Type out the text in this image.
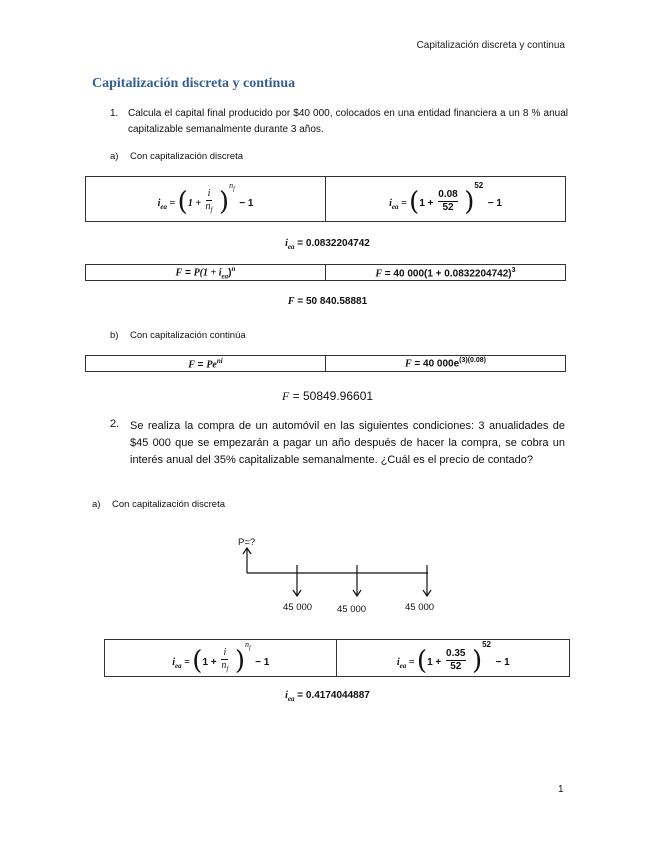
Capitalización discreta y continua
Capitalización discreta y continua
1. Calcula el capital final producido por $40 000, colocados en una entidad financiera a un 8 % anual capitalizable semanalmente durante 3 años.
a) Con capitalización discreta
$i_{ea} = (1 + \frac{i}{n_f} )^{n_f} - 1$	$i_{ea} = (1 + \frac{0.08}{52} )^{52} - 1$
$i_{ea} = 0.0832204742$
$F = P(1 + i_{ea})^n$	F = 40 $000(1 + 0.0832204742)^3$
F = 50 840.58881
b) Con capitalización continúa
$F = Pe^{ni}$	F = 40 $000e^{(3)(0.08)}$
F = 50849.96601
2. Se realiza la compra de un automóvil en las siguientes condiciones: 3 anualidades de $45 000 que se empezarán a pagar un año después de hacer la compra, se cobra un interés anual del 35% capitalizable semanalmente. ¿Cuál es el precio de contado?
a) Con capitalización discreta
P=?
45 000	45 000	45 000
$i_{ea} = (1 + \frac{i}{n_f} )^{n_f} - 1$	$i_{ea} = (1 + \frac{0.35}{52} )^{52} - 1$
$i_{ea} = 0.4174044887$
1
